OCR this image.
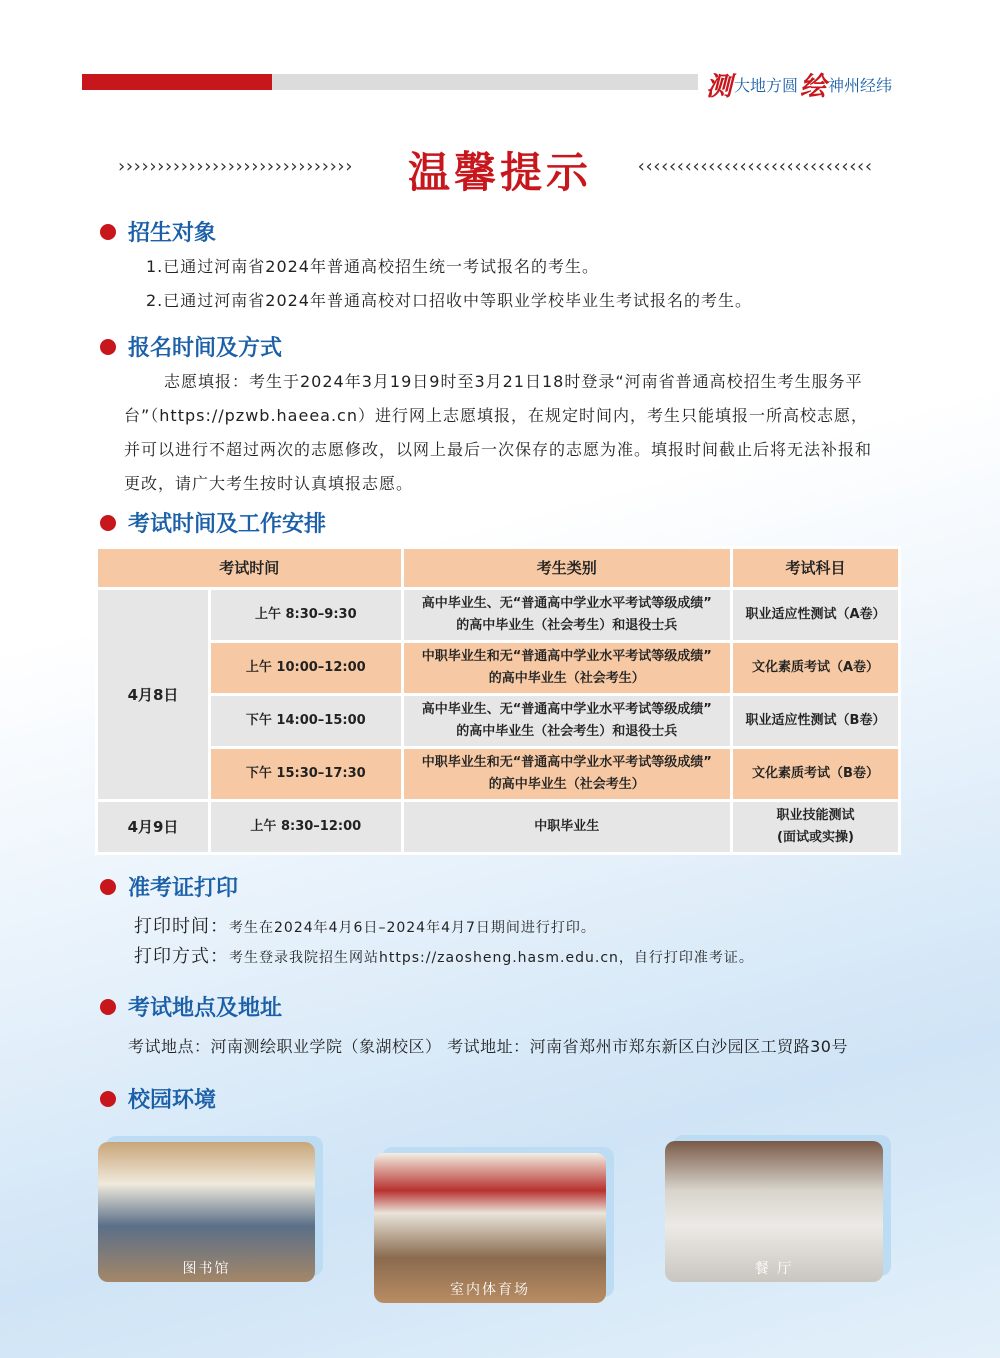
测 大地方圆 绘 神州经纬
›››››››››››››››››››››››››››››› 温馨提示 ‹‹‹‹‹‹‹‹‹‹‹‹‹‹‹‹‹‹‹‹‹‹‹‹‹‹‹‹‹‹
招生对象
1.已通过河南省2024年普通高校招生统一考试报名的考生。
2.已通过河南省2024年普通高校对口招收中等职业学校毕业生考试报名的考生。
报名时间及方式
志愿填报：考生于2024年3月19日9时至3月21日18时登录“河南省普通高校招生考生服务平台”（https://pzwb.haeea.cn）进行网上志愿填报，在规定时间内，考生只能填报一所高校志愿，并可以进行不超过两次的志愿修改，以网上最后一次保存的志愿为准。填报时间截止后将无法补报和更改，请广大考生按时认真填报志愿。
考试时间及工作安排
考试时间		考生类别	考试科目
4月8日	上午 8:30–9:30	高中毕业生、无“普通高中学业水平考试等级成绩”
的高中毕业生（社会考生）和退役士兵	职业适应性测试（A卷）
	上午 10:00–12:00	中职毕业生和无“普通高中学业水平考试等级成绩”
的高中毕业生（社会考生）	文化素质考试（A卷）
	下午 14:00–15:00	高中毕业生、无“普通高中学业水平考试等级成绩”
的高中毕业生（社会考生）和退役士兵	职业适应性测试（B卷）
	下午 15:30–17:30	中职毕业生和无“普通高中学业水平考试等级成绩”
的高中毕业生（社会考生）	文化素质考试（B卷）
4月9日	上午 8:30–12:00	中职毕业生	职业技能测试
(面试或实操)
准考证打印
打印时间：考生在2024年4月6日–2024年4月7日期间进行打印。
打印方式：考生登录我院招生网站https://zaosheng.hasm.edu.cn，自行打印准考证。
考试地点及地址
考试地点：河南测绘职业学院（象湖校区） 考试地址：河南省郑州市郑东新区白沙园区工贸路30号
校园环境
图书馆
室内体育场
餐 厅
